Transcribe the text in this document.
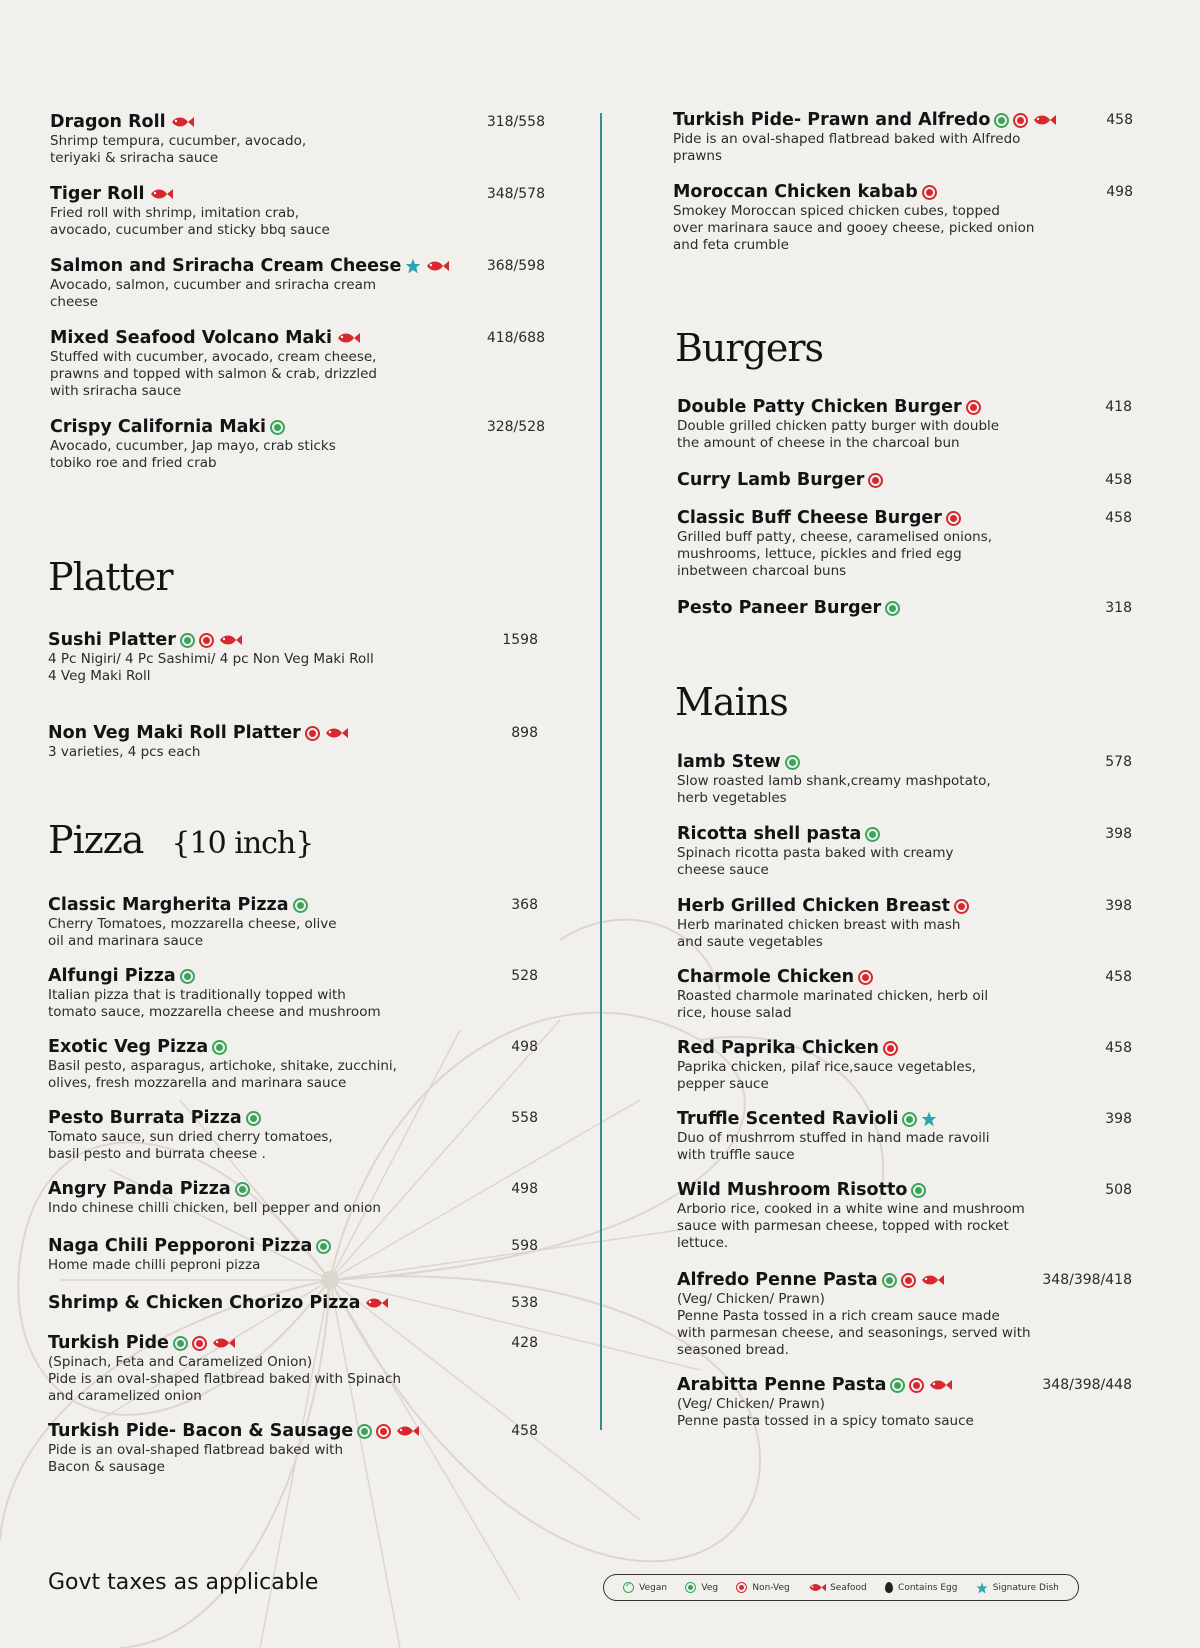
Dragon Roll	318/558
Shrimp tempura, cucumber, avocado,
teriyaki & sriracha sauce
Tiger Roll	348/578
Fried roll with shrimp, imitation crab,
avocado, cucumber and sticky bbq sauce
Salmon and Sriracha Cream Cheese	368/598
Avocado, salmon, cucumber and sriracha cream
cheese
Mixed Seafood Volcano Maki	418/688
Stuffed with cucumber, avocado, cream cheese,
prawns and topped with salmon & crab, drizzled
with sriracha sauce
Crispy California Maki	328/528
Avocado, cucumber, Jap mayo, crab sticks
tobiko roe and fried crab
Platter
Sushi Platter	1598
4 Pc Nigiri/ 4 Pc Sashimi/ 4 pc Non Veg Maki Roll
4 Veg Maki Roll
Non Veg Maki Roll Platter	898
3 varieties, 4 pcs each
Pizza {10 inch}
Classic Margherita Pizza	368
Cherry Tomatoes, mozzarella cheese, olive
oil and marinara sauce
Alfungi Pizza	528
Italian pizza that is traditionally topped with
tomato sauce, mozzarella cheese and mushroom
Exotic Veg Pizza	498
Basil pesto, asparagus, artichoke, shitake, zucchini,
olives, fresh mozzarella and marinara sauce
Pesto Burrata Pizza	558
Tomato sauce, sun dried cherry tomatoes,
basil pesto and burrata cheese .
Angry Panda Pizza	498
Indo chinese chilli chicken, bell pepper and onion
Naga Chili Pepporoni Pizza	598
Home made chilli peproni pizza
Shrimp & Chicken Chorizo Pizza	538
Turkish Pide	428
(Spinach, Feta and Caramelized Onion)
Pide is an oval-shaped flatbread baked with Spinach
and caramelized onion
Turkish Pide- Bacon & Sausage	458
Pide is an oval-shaped flatbread baked with
Bacon & sausage
Turkish Pide- Prawn and Alfredo	458
Pide is an oval-shaped flatbread baked with Alfredo
prawns
Moroccan Chicken kabab	498
Smokey Moroccan spiced chicken cubes, topped
over marinara sauce and gooey cheese, picked onion
and feta crumble
Burgers
Double Patty Chicken Burger	418
Double grilled chicken patty burger with double
the amount of cheese in the charcoal bun
Curry Lamb Burger	458
Classic Buff Cheese Burger	458
Grilled buff patty, cheese, caramelised onions,
mushrooms, lettuce, pickles and fried egg
inbetween charcoal buns
Pesto Paneer Burger	318
Mains
lamb Stew	578
Slow roasted lamb shank,creamy mashpotato,
herb vegetables
Ricotta shell pasta	398
Spinach ricotta pasta baked with creamy
cheese sauce
Herb Grilled Chicken Breast	398
Herb marinated chicken breast with mash
and saute vegetables
Charmole Chicken	458
Roasted charmole marinated chicken, herb oil
rice, house salad
Red Paprika Chicken	458
Paprika chicken, pilaf rice,sauce vegetables,
pepper sauce
Truffle Scented Ravioli	398
Duo of mushrrom stuffed in hand made ravoili
with truffle sauce
Wild Mushroom Risotto	508
Arborio rice, cooked in a white wine and mushroom
sauce with parmesan cheese, topped with rocket
lettuce.
Alfredo Penne Pasta	348/398/418
(Veg/ Chicken/ Prawn)
Penne Pasta tossed in a rich cream sauce made
with parmesan cheese, and seasonings, served with
seasoned bread.
Arabitta Penne Pasta	348/398/448
(Veg/ Chicken/ Prawn)
Penne pasta tossed in a spicy tomato sauce
Govt taxes as applicable ✓	Vegan	Veg	Non-Veg	Seafood	Contains Egg	Signature Dish
